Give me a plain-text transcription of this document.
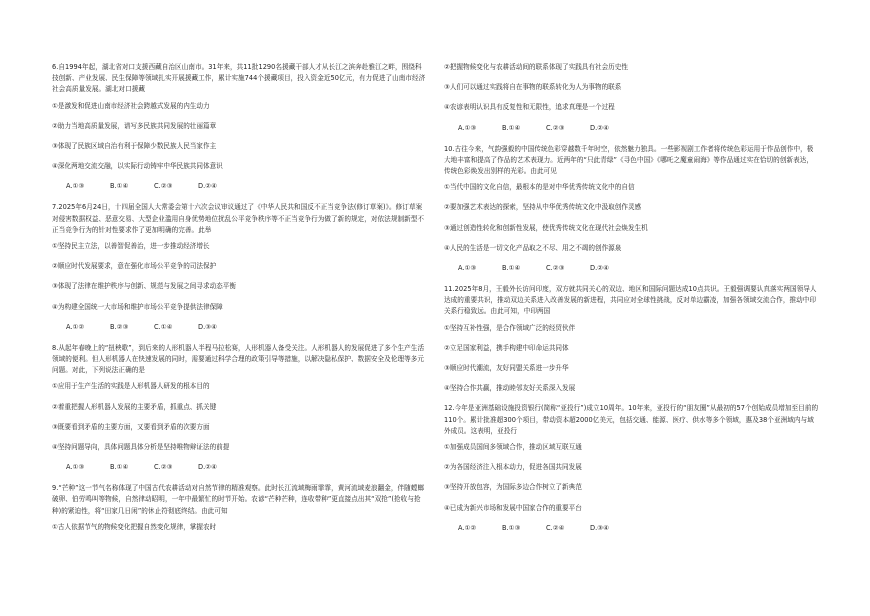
6.自1994年起，湖北省对口支援西藏自治区山南市。31年来，共11批1290名援藏干部人才从长江之滨奔赴雅江之畔，围绕科技创新、产业发展、民生保障等领域扎实开展援藏工作，累计实施744个援藏项目，投入资金近50亿元，有力促进了山南市经济社会高质量发展。湖北对口援藏

①是激发和促进山南市经济社会跨越式发展的内生动力

②助力当地高质量发展，谱写多民族共同发展的壮丽篇章

③体现了民族区域自治有利于保障少数民族人民当家作主

④深化两地交流交融，以实际行动铸牢中华民族共同体意识

A.①③	B.①④	C.②③	D.②④

7.2025年6月24日，十四届全国人大常委会第十六次会议审议通过了《中华人民共和国反不正当竞争法(修订草案)》。修订草案对侵害数据权益、恶意交易、大型企业滥用自身优势地位扰乱公平竞争秩序等不正当竞争行为做了新的规定，对依法规制新型不正当竞争行为的针对性要求作了更加明确的完善。此举

①坚持民主立法，以善智促善治，进一步推动经济增长

②顺应时代发展要求，意在强化市场公平竞争的司法保护

③体现了法律在维护秩序与创新、规范与发展之间寻求动态平衡

④为构建全国统一大市场和维护市场公平竞争提供法律保障

A.①②	B.②③	C.①④	D.③④

8.从起年春晚上的“扭秧歌”，到后来的人形机器人半程马拉松赛，人形机器人备受关注。人形机器人的发展促进了多个生产生活领域的便利。但人形机器人在快速发展的同时，需要通过科学合理的政策引导等措施，以解决隐私保护、数据安全及伦理等多元问题。对此，下列说法正确的是

①应用于生产生活的实践是人形机器人研发的根本目的

②着重把握人形机器人发展的主要矛盾，抓重点、抓关键

③既要看到矛盾的主要方面，又要看到矛盾的次要方面

④坚持问题导向，具体问题具体分析是坚持唯物辩证法的前提

A.①③	B.①④	C.②③	D.②④

9.“芒种”这一节气名称体现了中国古代农耕活动对自然节律的精准观察。此时长江流域梅雨霏霏，黄河流域麦浪翻金，伴随螳螂破卵、伯劳鸣叫等物候，自然律动昭明，一年中最繁忙的时节开始。农谚“芒种芒种，连收带种”更直接点出其“双抢”(抢收与抢种)的紧迫性，将“田家几日闲”的休止符彻底终结。由此可知

①古人依据节气的物候变化把握自然变化规律，掌握农时

②把握物候变化与农耕活动间的联系体现了实践具有社会历史性

③人们可以通过实践将自在事物的联系转化为人为事物的联系

④农谚表明认识具有反复性和无限性，追求真理是一个过程

A.①③	B.①④	C.②③	D.②④

10.古往今来，气韵强毅的中国传统色彩穿越数千年时空，依然魅力独具。一些影视剧工作者将传统色彩运用于作品创作中，极大地丰富和提高了作品的艺术表现力。近两年的“只此青绿”《寻色中国》《哪吒之魔童闹海》等作品通过实在恰切的创新表达，传统色彩焕发出别样的光彩。由此可见

①当代中国的文化自信，最根本的是对中华优秀传统文化中的自信

②要加强艺术表达的探索，坚持从中华优秀传统文化中汲取创作灵感

③通过创造性转化和创新性发展，使优秀传统文化在现代社会焕发生机

④人民的生活是一切文化产品取之不尽、用之不竭的创作源泉

A.①③	B.①④	C.②③	D.②④

11.2025年8月，王毅外长访问印度，双方就共同关心的双边、地区和国际问题达成10点共识。王毅强调要认真落实两国领导人达成的重要共识，推动双边关系进入改善发展的新进程，共同应对全球性挑战，反对单边霸凌，加强各领域交流合作，推动中印关系行稳致远。由此可知，中印两国

①坚持互补性强，是合作领域广泛的经贸伙伴

②立足国家利益，携手构建中印命运共同体

③顺应时代潮流，友好同盟关系进一步升华

④坚持合作共赢，推动睦邻友好关系深入发展

12.今年是亚洲基础设施投资银行(简称“亚投行”)成立10周年。10年来，亚投行的“朋友圈”从最初的57个创始成员增加至目前的110个。累计批准超300个项目，带动资本超2000亿美元，包括交通、能源、医疗、供水等多个领域，惠及38个亚洲域内与域外成员。这表明，亚投行

①加强成员国间多领域合作，推动区域互联互通

②为各国经济注入根本动力，促进各国共同发展

③坚持开放包容，为国际多边合作树立了新典范

④已成为新兴市场和发展中国家合作的重要平台

A.①②	B.①③	C.②④	D.③④
